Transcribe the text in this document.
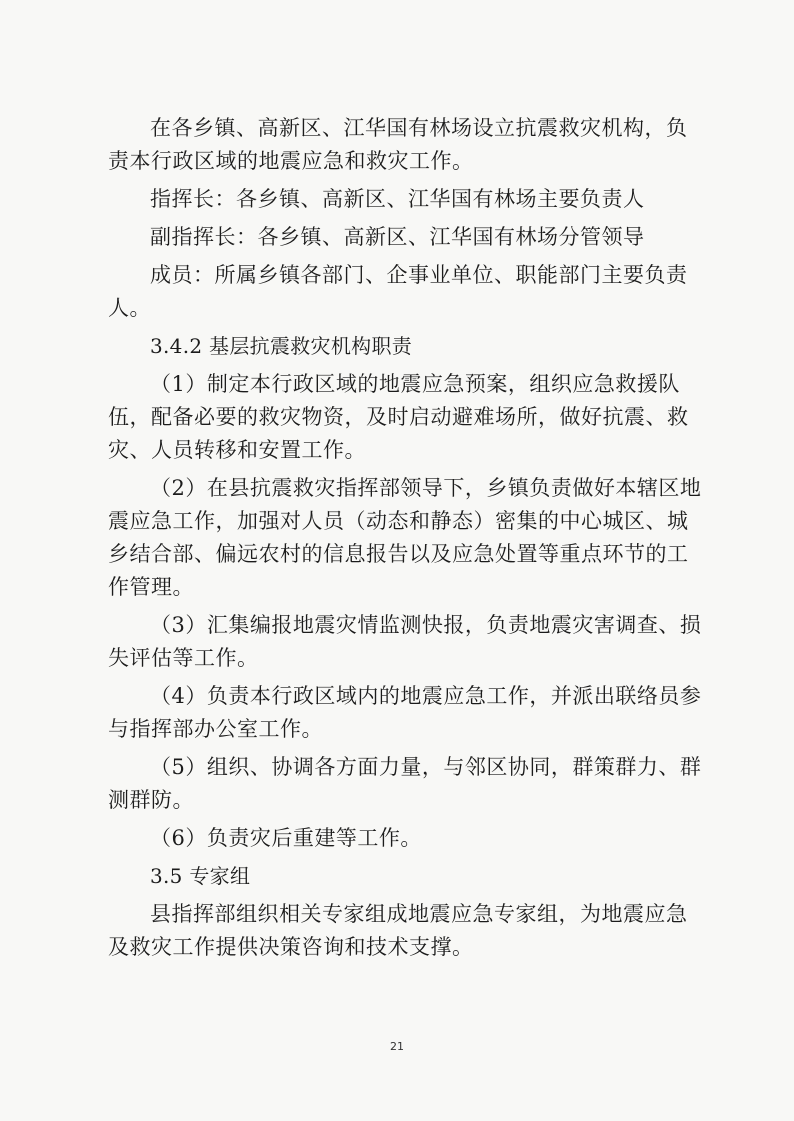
在各乡镇、高新区、江华国有林场设立抗震救灾机构，负责本行政区域的地震应急和救灾工作。

指挥长：各乡镇、高新区、江华国有林场主要负责人

副指挥长：各乡镇、高新区、江华国有林场分管领导

成员：所属乡镇各部门、企事业单位、职能部门主要负责人。

3.4.2 基层抗震救灾机构职责

（1）制定本行政区域的地震应急预案，组织应急救援队伍，配备必要的救灾物资，及时启动避难场所，做好抗震、救灾、人员转移和安置工作。

（2）在县抗震救灾指挥部领导下，乡镇负责做好本辖区地震应急工作，加强对人员（动态和静态）密集的中心城区、城乡结合部、偏远农村的信息报告以及应急处置等重点环节的工作管理。

（3）汇集编报地震灾情监测快报，负责地震灾害调查、损失评估等工作。

（4）负责本行政区域内的地震应急工作，并派出联络员参与指挥部办公室工作。

（5）组织、协调各方面力量，与邻区协同，群策群力、群测群防。

（6）负责灾后重建等工作。

3.5 专家组

县指挥部组织相关专家组成地震应急专家组，为地震应急及救灾工作提供决策咨询和技术支撑。

21
